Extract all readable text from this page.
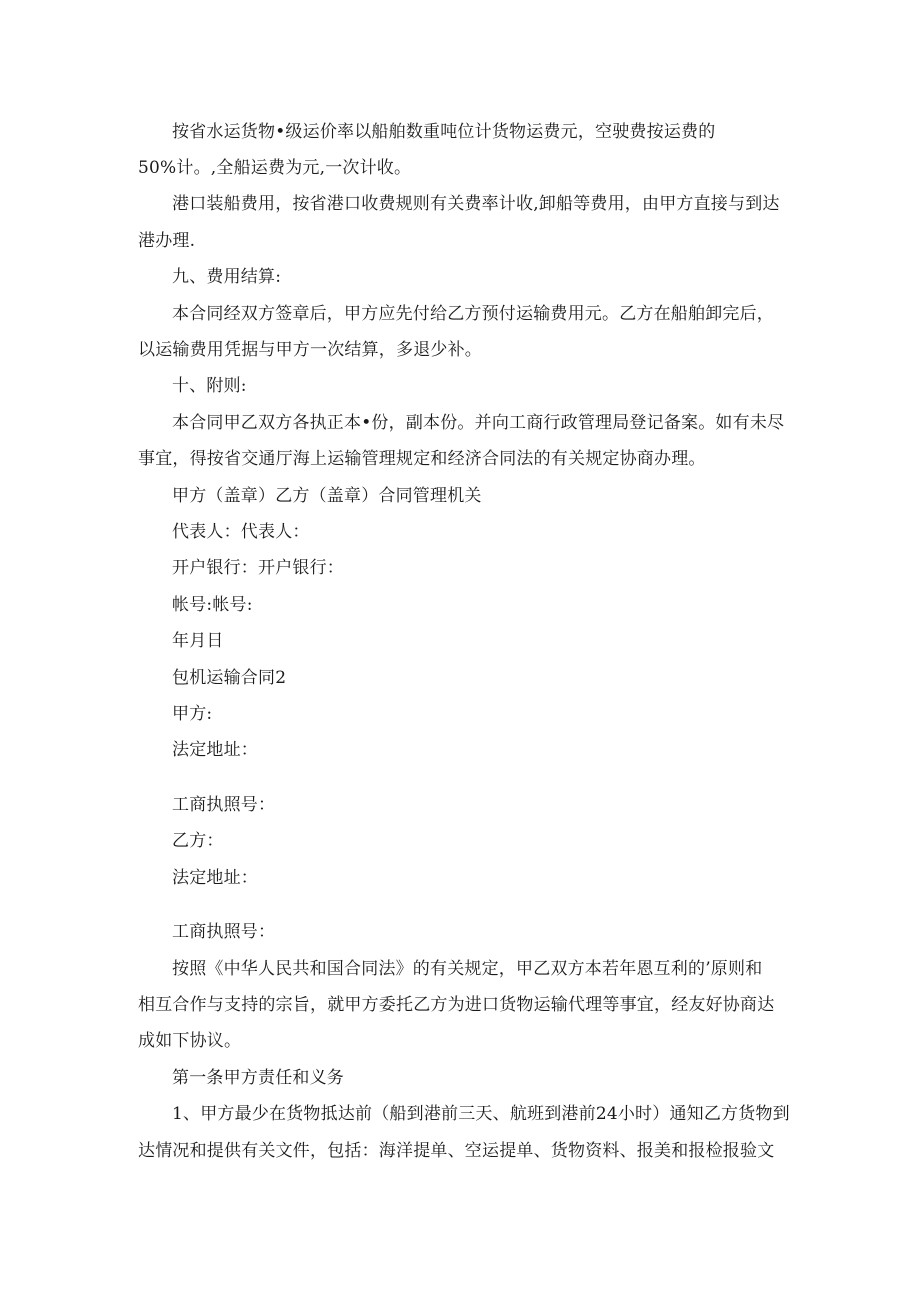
按省水运货物•级运价率以船舶数重吨位计货物运费元，空驶费按运费的
50%计。,全船运费为元,一次计收。
港口装船费用，按省港口收费规则有关费率计收,卸船等费用，由甲方直接与到达
港办理.
九、费用结算:
本合同经双方签章后，甲方应先付给乙方预付运输费用元。乙方在船舶卸完后，
以运输费用凭据与甲方一次结算，多退少补。
十、附则:
本合同甲乙双方各执正本•份，副本份。并向工商行政管理局登记备案。如有未尽
事宜，得按省交通厅海上运输管理规定和经济合同法的有关规定协商办理。
甲方（盖章）乙方（盖章）合同管理机关
代表人：代表人：
开户银行：开户银行：
帐号:帐号:
年月日
包机运输合同2
甲方:
法定地址：
工商执照号：
乙方：
法定地址：
工商执照号：
按照《中华人民共和国合同法》的有关规定，甲乙双方本若年恩互利的’原则和
相互合作与支持的宗旨，就甲方委托乙方为进口货物运输代理等事宜，经友好协商达
成如下协议。
第一条甲方责任和义务
1、甲方最少在货物抵达前（船到港前三天、航班到港前24小时）通知乙方货物到
达情况和提供有关文件，包括：海洋提单、空运提单、货物资料、报美和报检报验文
